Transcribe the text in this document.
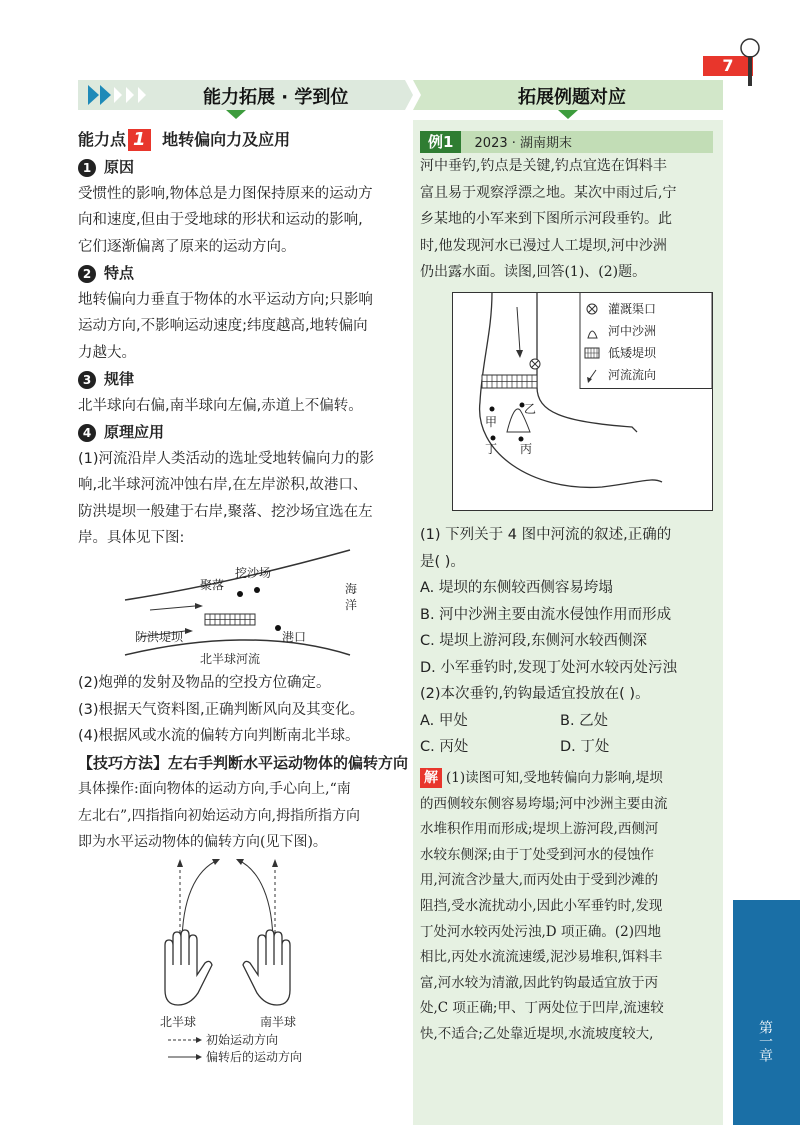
7
能力拓展 · 学到位	拓展例题对应
第一章
能力点 1 地转偏向力及应用
1 原因
受惯性的影响,物体总是力图保持原来的运动方
向和速度,但由于受地球的形状和运动的影响,
它们逐渐偏离了原来的运动方向。
2 特点
地转偏向力垂直于物体的水平运动方向;只影响
运动方向,不影响运动速度;纬度越高,地转偏向
力越大。
3 规律
北半球向右偏,南半球向左偏,赤道上不偏转。
4 原理应用
(1)河流沿岸人类活动的选址受地转偏向力的影
响,北半球河流冲蚀右岸,在左岸淤积,故港口、
防洪堤坝一般建于右岸,聚落、挖沙场宜选在左
岸。具体见下图:
聚落
挖沙场
海
洋
防洪堤坝	港口
北半球河流
(2)炮弹的发射及物品的空投方位确定。
(3)根据天气资料图,正确判断风向及其变化。
(4)根据风或水流的偏转方向判断南北半球。
【技巧方法】左右手判断水平运动物体的偏转方向
具体操作:面向物体的运动方向,手心向上,“南
左北右”,四指指向初始运动方向,拇指所指方向
即为水平运动物体的偏转方向(见下图)。
北半球	南半球
初始运动方向
偏转后的运动方向
例1 2023 · 湖南期末
河中垂钓,钓点是关键,钓点宜选在饵料丰
富且易于观察浮漂之地。某次中雨过后,宁
乡某地的小军来到下图所示河段垂钓。此
时,他发现河水已漫过人工堤坝,河中沙洲
仍出露水面。读图,回答(1)、(2)题。
灌溉渠口
河中沙洲
低矮堤坝
河流流向
甲
乙
丙
丁
(1) 下列关于 4 图中河流的叙述,正确的
是( )。
A. 堤坝的东侧较西侧容易垮塌
B. 河中沙洲主要由流水侵蚀作用而形成
C. 堤坝上游河段,东侧河水较西侧深
D. 小军垂钓时,发现丁处河水较丙处污浊
(2)本次垂钓,钓钩最适宜投放在( )。
A. 甲处	B. 乙处
C. 丙处	D. 丁处
解 (1)读图可知,受地转偏向力影响,堤坝
的西侧较东侧容易垮塌;河中沙洲主要由流
水堆积作用而形成;堤坝上游河段,西侧河
水较东侧深;由于丁处受到河水的侵蚀作
用,河流含沙量大,而丙处由于受到沙滩的
阻挡,受水流扰动小,因此小军垂钓时,发现
丁处河水较丙处污浊,D 项正确。(2)四地
相比,丙处水流流速缓,泥沙易堆积,饵料丰
富,河水较为清澈,因此钓钩最适宜放于丙
处,C 项正确;甲、丁两处位于凹岸,流速较
快,不适合;乙处靠近堤坝,水流坡度较大,
